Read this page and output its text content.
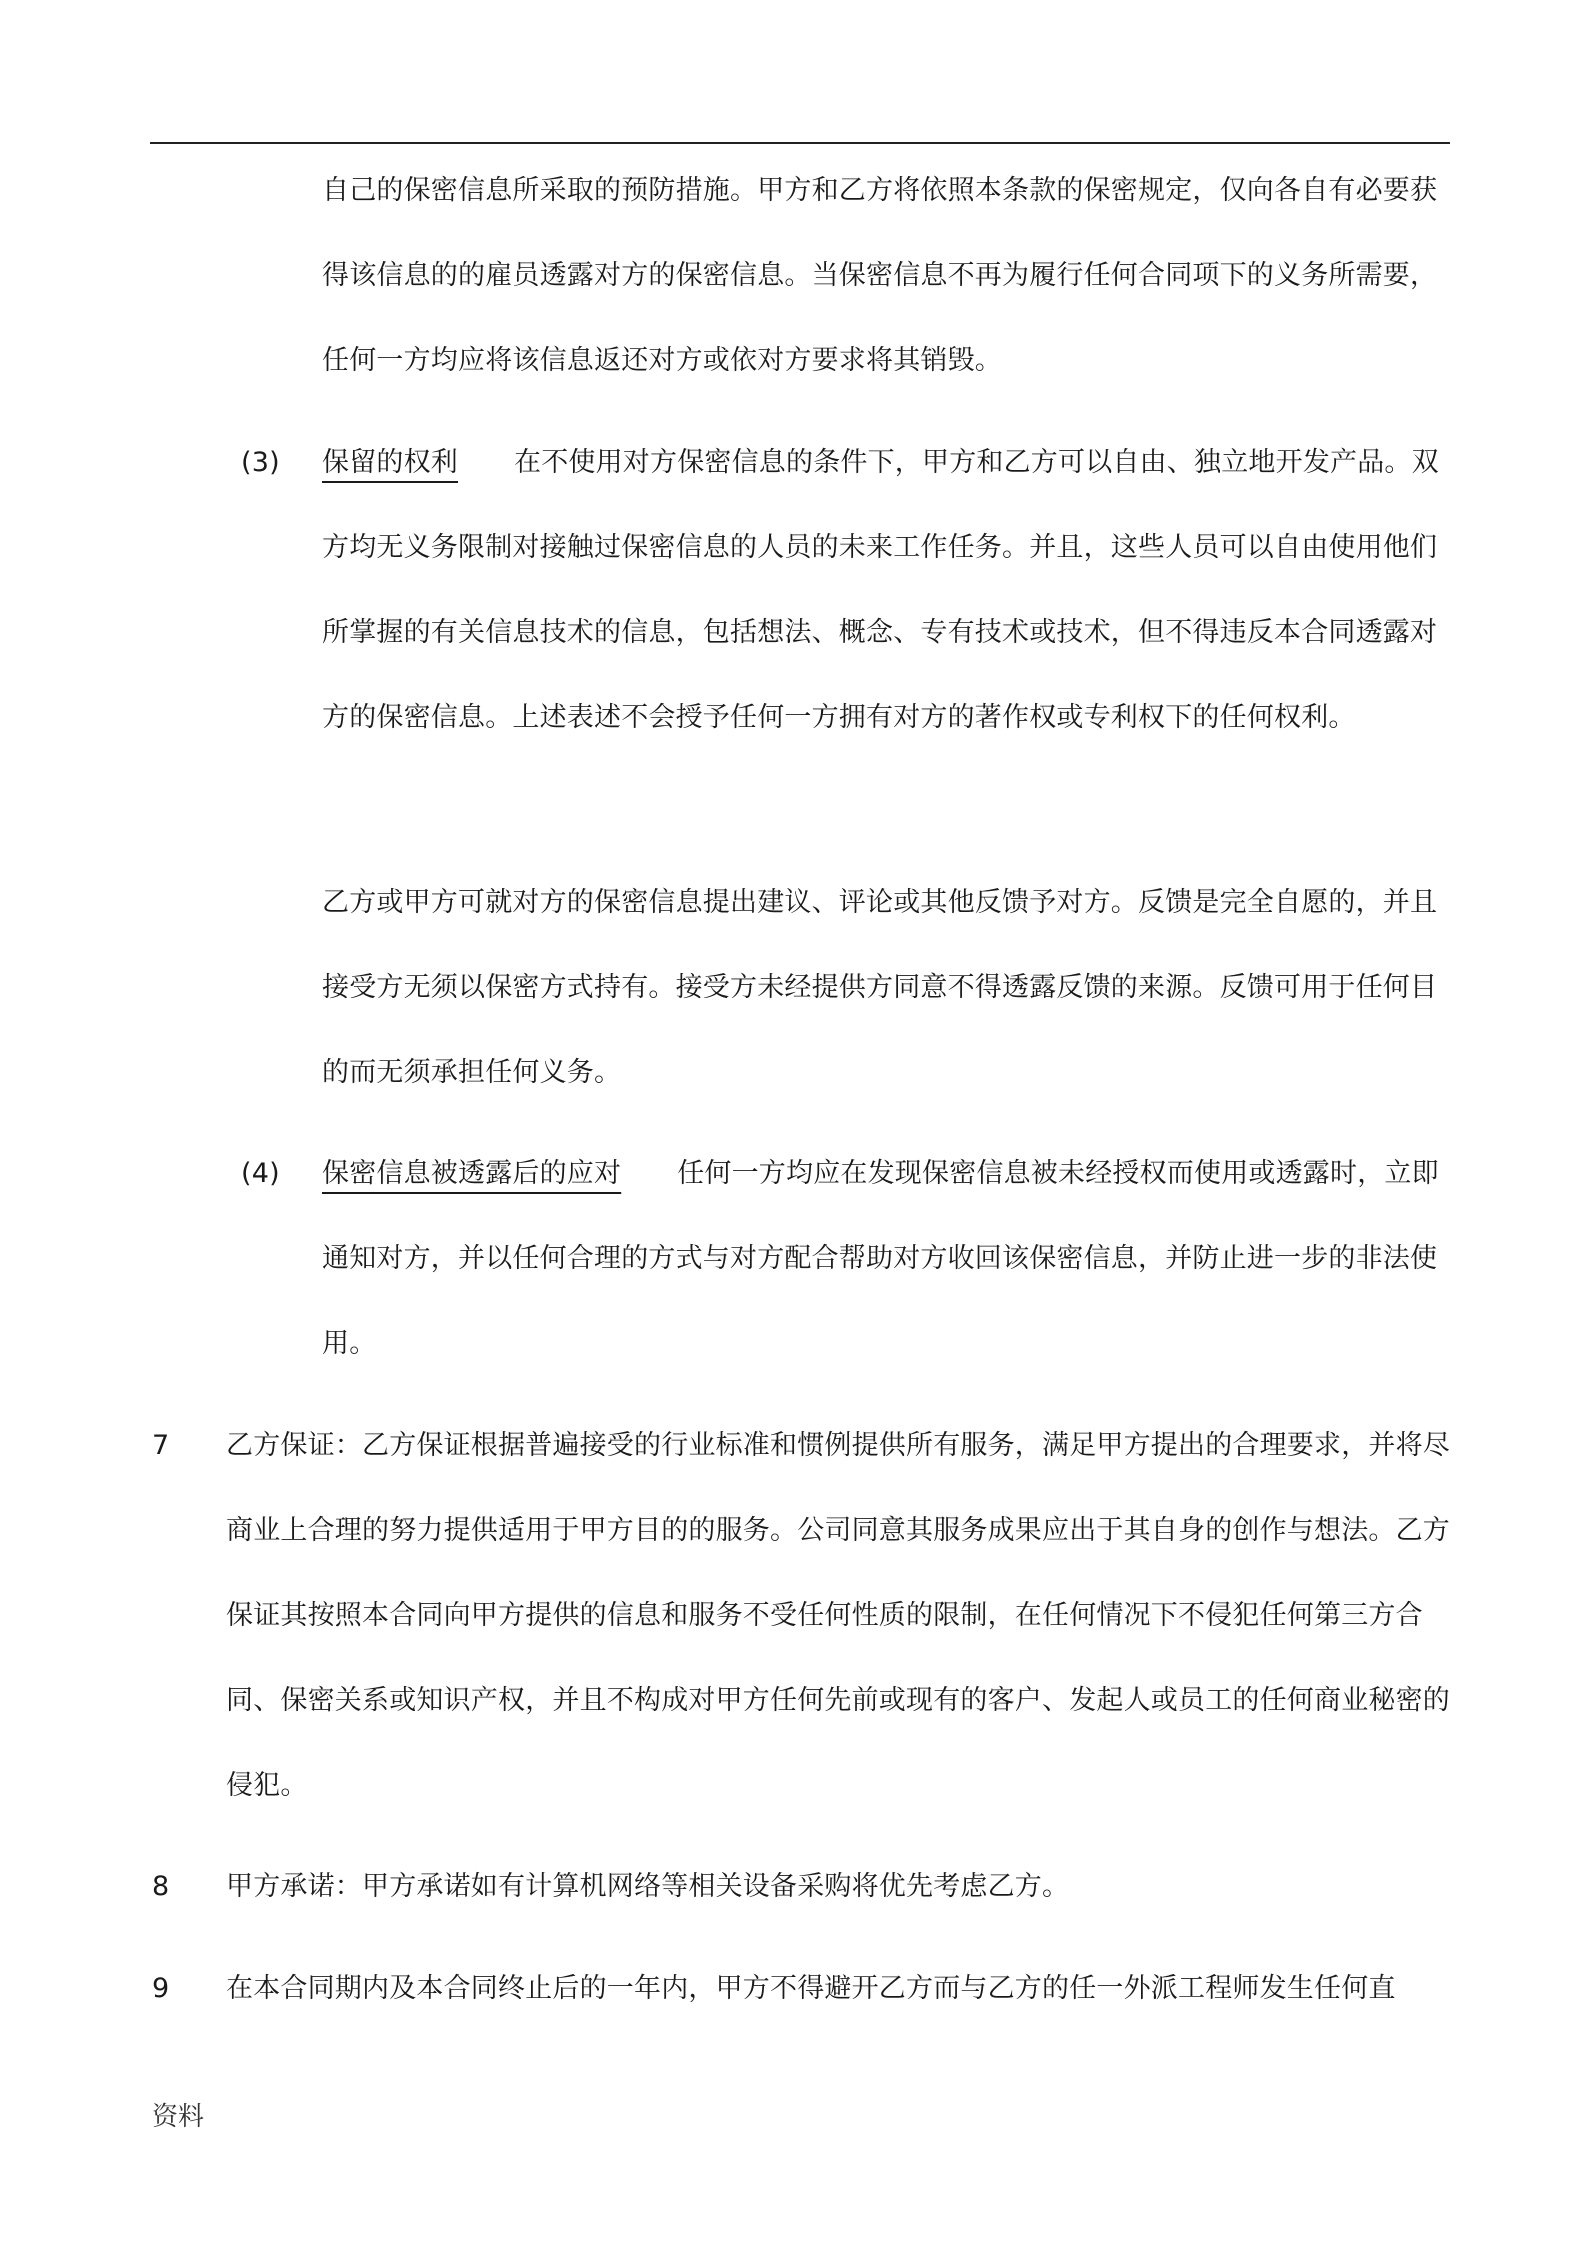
自己的保密信息所采取的预防措施。甲方和乙方将依照本条款的保密规定，仅向各自有必要获得该信息的的雇员透露对方的保密信息。当保密信息不再为履行任何合同项下的义务所需要，任何一方均应将该信息返还对方或依对方要求将其销毁。

(3) 保留的权利 在不使用对方保密信息的条件下，甲方和乙方可以自由、独立地开发产品。双方均无义务限制对接触过保密信息的人员的未来工作任务。并且，这些人员可以自由使用他们所掌握的有关信息技术的信息，包括想法、概念、专有技术或技术，但不得违反本合同透露对方的保密信息。上述表述不会授予任何一方拥有对方的著作权或专利权下的任何权利。

乙方或甲方可就对方的保密信息提出建议、评论或其他反馈予对方。反馈是完全自愿的，并且接受方无须以保密方式持有。接受方未经提供方同意不得透露反馈的来源。反馈可用于任何目的而无须承担任何义务。

(4) 保密信息被透露后的应对 任何一方均应在发现保密信息被未经授权而使用或透露时，立即通知对方，并以任何合理的方式与对方配合帮助对方收回该保密信息，并防止进一步的非法使用。

7 乙方保证：乙方保证根据普遍接受的行业标准和惯例提供所有服务，满足甲方提出的合理要求，并将尽商业上合理的努力提供适用于甲方目的的服务。公司同意其服务成果应出于其自身的创作与想法。乙方保证其按照本合同向甲方提供的信息和服务不受任何性质的限制，在任何情况下不侵犯任何第三方合同、保密关系或知识产权，并且不构成对甲方任何先前或现有的客户、发起人或员工的任何商业秘密的侵犯。

8 甲方承诺：甲方承诺如有计算机网络等相关设备采购将优先考虑乙方。

9 在本合同期内及本合同终止后的一年内，甲方不得避开乙方而与乙方的任一外派工程师发生任何直

资料
